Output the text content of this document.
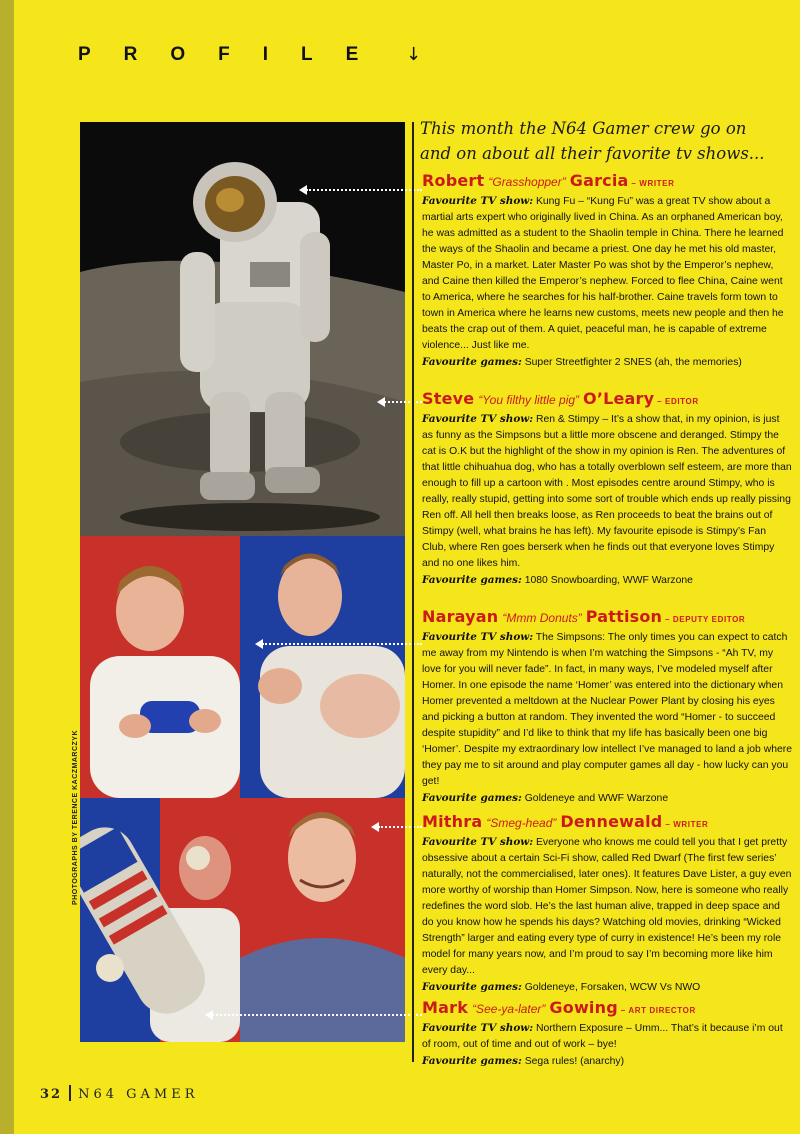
PROFILE ↓
This month the N64 Gamer crew go on and on about all their favorite tv shows...
Robert “Grasshopper” Garcia – WRITER

Favourite TV show: Kung Fu – “Kung Fu” was a great TV show about a martial arts expert who originally lived in China. As an orphaned American boy, he was admitted as a student to the Shaolin temple in China. There he learned the ways of the Shaolin and became a priest. One day he met his old master, Master Po, in a market. Later Master Po was shot by the Emperor’s nephew, and Caine then killed the Emperor’s nephew. Forced to flee China, Caine went to America, where he searches for his half-brother. Caine travels form town to town in America where he learns new customs, meets new people and then he beats the crap out of them. A quiet, peaceful man, he is capable of extreme violence... Just like me.

Favourite games: Super Streetfighter 2 SNES (ah, the memories)

Steve “You filthy little pig” O’Leary – EDITOR

Favourite TV show: Ren & Stimpy – It’s a show that, in my opinion, is just as funny as the Simpsons but a little more obscene and deranged. Stimpy the cat is O.K but the highlight of the show in my opinion is Ren. The adventures of that little chihuahua dog, who has a totally overblown self esteem, are more than enough to fill up a cartoon with . Most episodes centre around Stimpy, who is really, really stupid, getting into some sort of trouble which ends up really pissing Ren off. All hell then breaks loose, as Ren proceeds to beat the brains out of Stimpy (well, what brains he has left). My favourite episode is Stimpy’s Fan Club, where Ren goes berserk when he finds out that everyone loves Stimpy and no one likes him.

Favourite games: 1080 Snowboarding, WWF Warzone

Narayan “Mmm Donuts” Pattison – DEPUTY EDITOR

Favourite TV show: The Simpsons: The only times you can expect to catch me away from my Nintendo is when I’m watching the Simpsons - “Ah TV, my love for you will never fade”. In fact, in many ways, I’ve modeled myself after Homer. In one episode the name ‘Homer’ was entered into the dictionary when Homer prevented a meltdown at the Nuclear Power Plant by closing his eyes and picking a button at random. They invented the word “Homer - to succeed despite stupidity” and I’d like to think that my life has basically been one big ‘Homer’. Despite my extraordinary low intellect I’ve managed to land a job where they pay me to sit around and play computer games all day - how lucky can you get!

Favourite games: Goldeneye and WWF Warzone

Mithra “Smeg-head” Dennewald – WRITER

Favourite TV show: Everyone who knows me could tell you that I get pretty obsessive about a certain Sci-Fi show, called Red Dwarf (The first few series’ naturally, not the commercialised, later ones). It features Dave Lister, a guy even more worthy of worship than Homer Simpson. Now, here is someone who really redefines the word slob. He’s the last human alive, trapped in deep space and do you know how he spends his days? Watching old movies, drinking “Wicked Strength” larger and eating every type of curry in existence! He’s been my role model for many years now, and I’m proud to say I’m becoming more like him every day...

Favourite games: Goldeneye, Forsaken, WCW Vs NWO

Mark “See-ya-later” Gowing – ART DIRECTOR

Favourite TV show: Northern Exposure – Umm... That’s it because i’m out of room, out of time and out of work – bye!

Favourite games: Sega rules! (anarchy)

PHOTOGRAPHS BY TERENCE KACZMARCZYK
32 N64 GAMER
